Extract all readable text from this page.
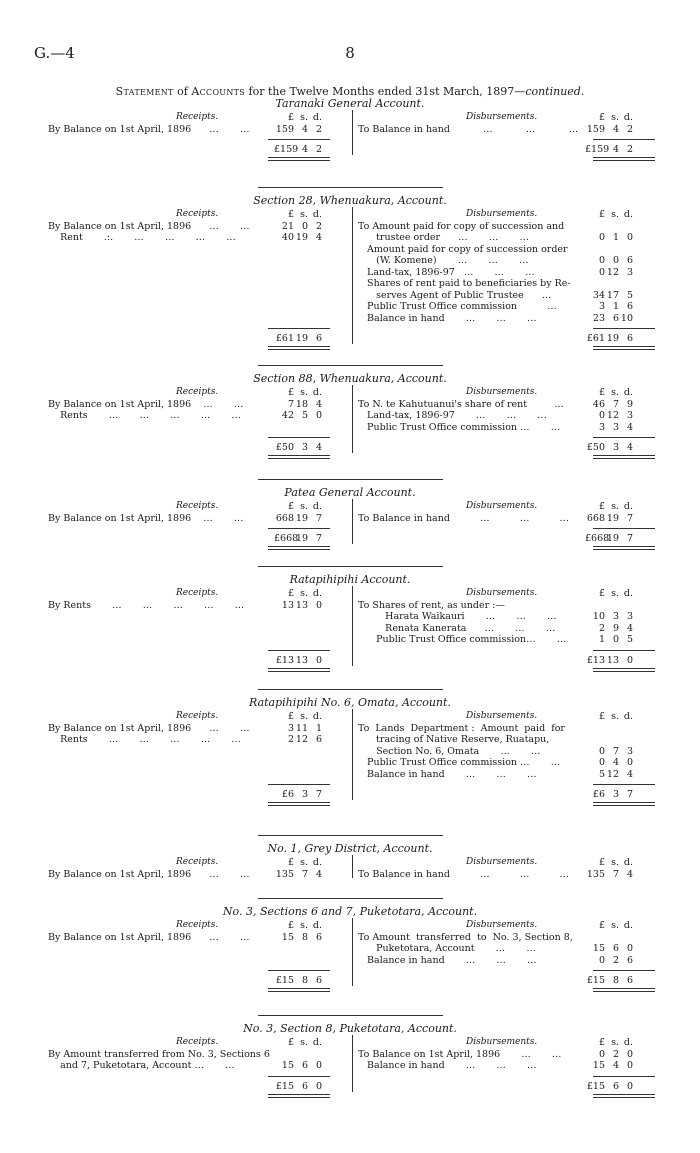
G.—4	8
Statement of Accounts for the Twelve Months ended 31st March, 1897—continued.
Taranaki General Account.
Receipts.	Disbursements.
£ s. d.	£ s. d.
By Balance on 1st April, 1896      …       …	159 4 2	To Balance in hand           …           …           … 159 4 2
£159 4 2	£159 4 2
Section 28, Whenuakura, Account.
Receipts.	Disbursements.
£ s. d.	£ s. d.
By Balance on 1st April, 1896      …       …	21 0 2
Rent       .:.       …       …       …       …	40 19 4
To Amount paid for copy of succession and
trustee order      …       …       …	0 1 0
Amount paid for copy of succession order
(W. Komene)       …       …       …	0 0 6
Land-tax, 1896-97   …       …       …	0 12 3
Shares of rent paid to beneficiaries by Re-
serves Agent of Public Trustee      …	34 17 5
Public Trust Office commission          …	3 1 6
Balance in hand       …       …       …	23 6 10
£61 19 6	£61 19 6
Section 88, Whenuakura, Account.
Receipts.	Disbursements.
£ s. d.	£ s. d.
By Balance on 1st April, 1896    …       …	7 18 4
Rents       …       …       …       …       …	42 5 0
To N. te Kahutuanui's share of rent         …	46 7 9
Land-tax, 1896-97       …       …       …	0 12 3
Public Trust Office commission …       …	3 3 4
£50 3 4	£50 3 4
Patea General Account.
Receipts.	Disbursements.
£ s. d.	£ s. d.
By Balance on 1st April, 1896    …       …	668 19 7	To Balance in hand          …          …          … 668 19 7
£66819 7	£66819 7
Ratapihipihi Account.
Receipts.	Disbursements.
£ s. d.	£ s. d.
By Rents       …       …       …       …       …	13 13 0	To Shares of rent, as under :—
Harata Waikauri       …       …       …	10 3 3
Renata Kanerata      …       …       …	2 9 4
Public Trust Office commission…       …	1 0 5
£13 13 0	£13 13 0
Ratapihipihi No. 6, Omata, Account.
Receipts.	Disbursements.
£ s. d.	£ s. d.
By Balance on 1st April, 1896      …       …	3 11 1
Rents       …       …       …       …       …	2 12 6
To  Lands  Department :  Amount  paid  for
tracing of Native Reserve, Ruatapu,
Section No. 6, Omata       …       …	0 7 3
Public Trust Office commission …       …	0 4 0
Balance in hand       …       …       …	5 12 4
£6 3 7	£6 3 7
No. 1, Grey District, Account.
Receipts.	Disbursements.
£ s. d.	£ s. d.
By Balance on 1st April, 1896      …       …	135 7 4	To Balance in hand          …          …          … 135 7 4
No. 3, Sections 6 and 7, Puketotara, Account.
Receipts.	Disbursements.
£ s. d.	£ s. d.
By Balance on 1st April, 1896      …       …	15 8 6	To Amount  transferred  to  No. 3, Section 8,
Puketotara, Account       …       …	15 6 0
Balance in hand       …       …       …	0 2 6
£15 8 6	£15 8 6
No. 3, Section 8, Puketotara, Account.
Receipts.	Disbursements.
£ s. d.	£ s. d.
By Amount transferred from No. 3, Sections 6
and 7, Puketotara, Account …       …	15 6 0
To Balance on 1st April, 1896       …       …	0 2 0
Balance in hand       …       …       …	15 4 0
£15 6 0	£15 6 0
